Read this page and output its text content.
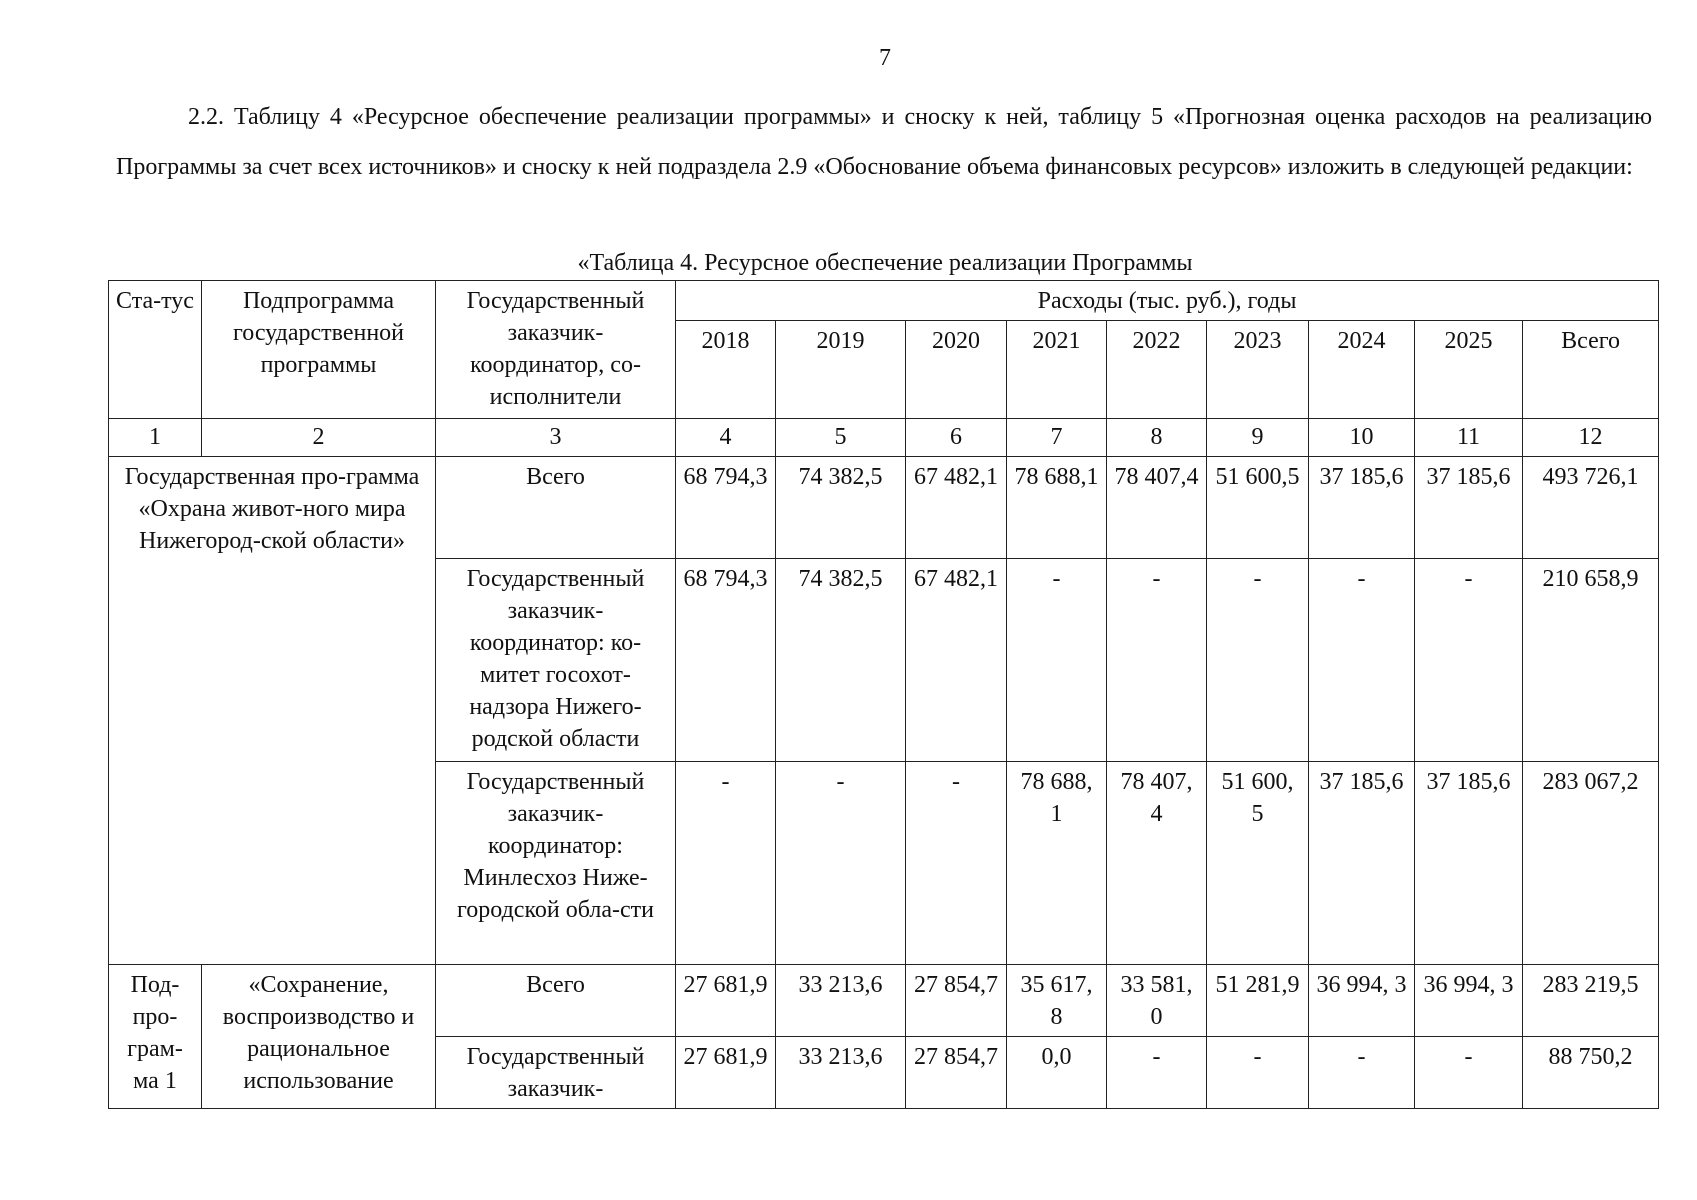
7

2.2. Таблицу 4 «Ресурсное обеспечение реализации программы» и сноску к ней, таблицу 5 «Прогнозная оценка расходов на реализацию Программы за счет всех источников» и сноску к ней подраздела 2.9 «Обоснование объема финансовых ресурсов» изложить в следующей редакции:

«Таблица 4. Ресурсное обеспечение реализации Программы
Ста-тус	Подпрограмма государственной программы	Государственный заказчик-координатор, со-исполнители	Расходы (тыс. руб.), годы								
			2018	2019	2020	2021	2022	2023	2024	2025	Всего
1	2	3	4	5	6	7	8	9	10	11	12
Государственная про-грамма «Охрана живот-ного мира Нижегород-ской области»		Всего	68 794,3	74 382,5	67 482,1	78 688,1	78 407,4	51 600,5	37 185,6	37 185,6	493 726,1
		Государственный заказчик-координатор: ко-митет госохот-надзора Нижего-родской области	68 794,3	74 382,5	67 482,1	-	-	-	-	-	210 658,9
		Государственный заказчик-координатор: Минлесхоз Ниже-городской обла-сти	-	-	-	78 688, 1	78 407, 4	51 600, 5	37 185,6	37 185,6	283 067,2
Под-про-грам-ма 1	«Сохранение, воспроизводство и рациональное использование	Всего	27 681,9	33 213,6	27 854,7	35 617, 8	33 581, 0	51 281,9	36 994, 3	36 994, 3	283 219,5
		Государственный заказчик-	27 681,9	33 213,6	27 854,7	0,0	-	-	-	-	88 750,2
